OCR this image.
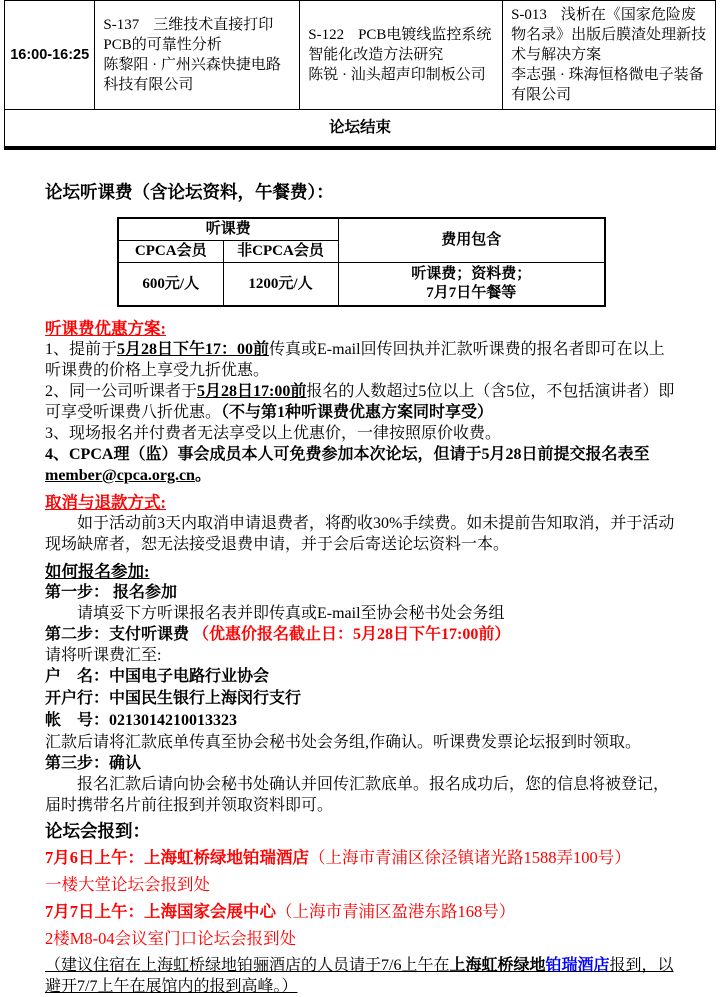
16:00-16:25	S-137 三维技术直接打印PCB的可靠性分析
陈黎阳 · 广州兴森快捷电路科技有限公司
	S-122 PCB电镀线监控系统智能化改造方法研究
陈锐 · 汕头超声印制板公司
	S-013 浅析在《国家危险废物名录》出版后膜渣处理新技术与解决方案
李志强 · 珠海恒格微电子装备有限公司

论坛结束
论坛听课费（含论坛资料，午餐费）：
听课费		费用包含
CPCA会员	非CPCA会员	
600元/人	1200元/人	听课费；资料费；
7月7日午餐等
听课费优惠方案:
1、提前于5月28日下午17：00前传真或E-mail回传回执并汇款听课费的报名者即可在以上听课费的价格上享受九折优惠。
2、同一公司听课者于5月28日17:00前报名的人数超过5位以上（含5位，不包括演讲者）即可享受听课费八折优惠。（不与第1种听课费优惠方案同时享受）
3、现场报名并付费者无法享受以上优惠价，一律按照原价收费。
4、CPCA理（监）事会成员本人可免费参加本次论坛，但请于5月28日前提交报名表至member@cpca.org.cn。
取消与退款方式:
如于活动前3天内取消申请退费者，将酌收30%手续费。如未提前告知取消，并于活动现场缺席者，恕无法接受退费申请，并于会后寄送论坛资料一本。
如何报名参加:
第一步： 报名参加
请填妥下方听课报名表并即传真或E-mail至协会秘书处会务组
第二步：支付听课费 （优惠价报名截止日：5月28日下午17:00前）
请将听课费汇至:
户　名：中国电子电路行业协会
开户行：中国民生银行上海闵行支行
帐　号：0213014210013323
汇款后请将汇款底单传真至协会秘书处会务组,作确认。听课费发票论坛报到时领取。
第三步：确认
报名汇款后请向协会秘书处确认并回传汇款底单。报名成功后，您的信息将被登记，届时携带名片前往报到并领取资料即可。
论坛会报到：
7月6日上午：上海虹桥绿地铂瑞酒店（上海市青浦区徐泾镇诸光路1588弄100号）
一楼大堂论坛会报到处
7月7日上午：上海国家会展中心（上海市青浦区盈港东路168号）
2楼M8-04会议室门口论坛会报到处
（建议住宿在上海虹桥绿地铂骊酒店的人员请于7/6上午在上海虹桥绿地铂瑞酒店报到，以避开7/7上午在展馆内的报到高峰。）
